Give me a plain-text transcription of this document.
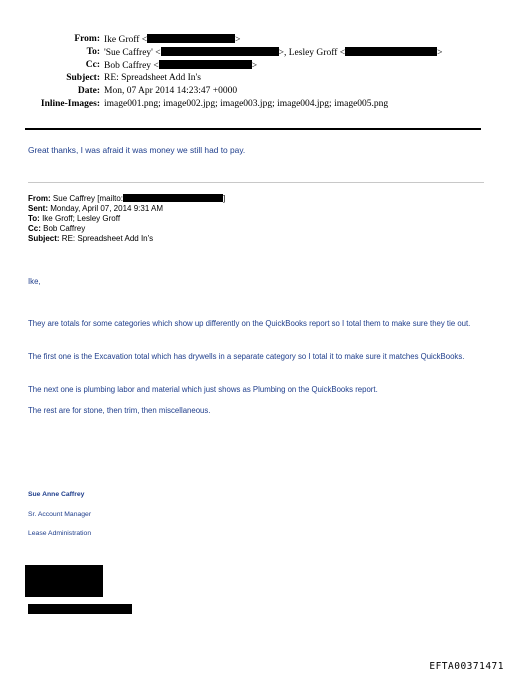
From: Ike Groff <	>
To: 'Sue Caffrey' <	>, Lesley Groff <	>
Cc: Bob Caffrey <	>
Subject: RE: Spreadsheet Add In's
Date: Mon, 07 Apr 2014 14:23:47 +0000
Inline-Images: image001.png; image002.jpg; image003.jpg; image004.jpg; image005.png
Great thanks, I was afraid it was money we still had to pay.
From: Sue Caffrey [mailto:	]
Sent: Monday, April 07, 2014 9:31 AM
To: Ike Groff; Lesley Groff
Cc: Bob Caffrey
Subject: RE: Spreadsheet Add In's
Ike,
They are totals for some categories which show up differently on the QuickBooks report so I total them to make sure they tie out.
The first one is the Excavation total which has drywells in a separate category so I total it to make sure it matches QuickBooks.
The next one is plumbing labor and material which just shows as Plumbing on the QuickBooks report.
The rest are for stone, then trim, then miscellaneous.
Sue Anne Caffrey
Sr. Account Manager
Lease Administration
EFTA00371471
